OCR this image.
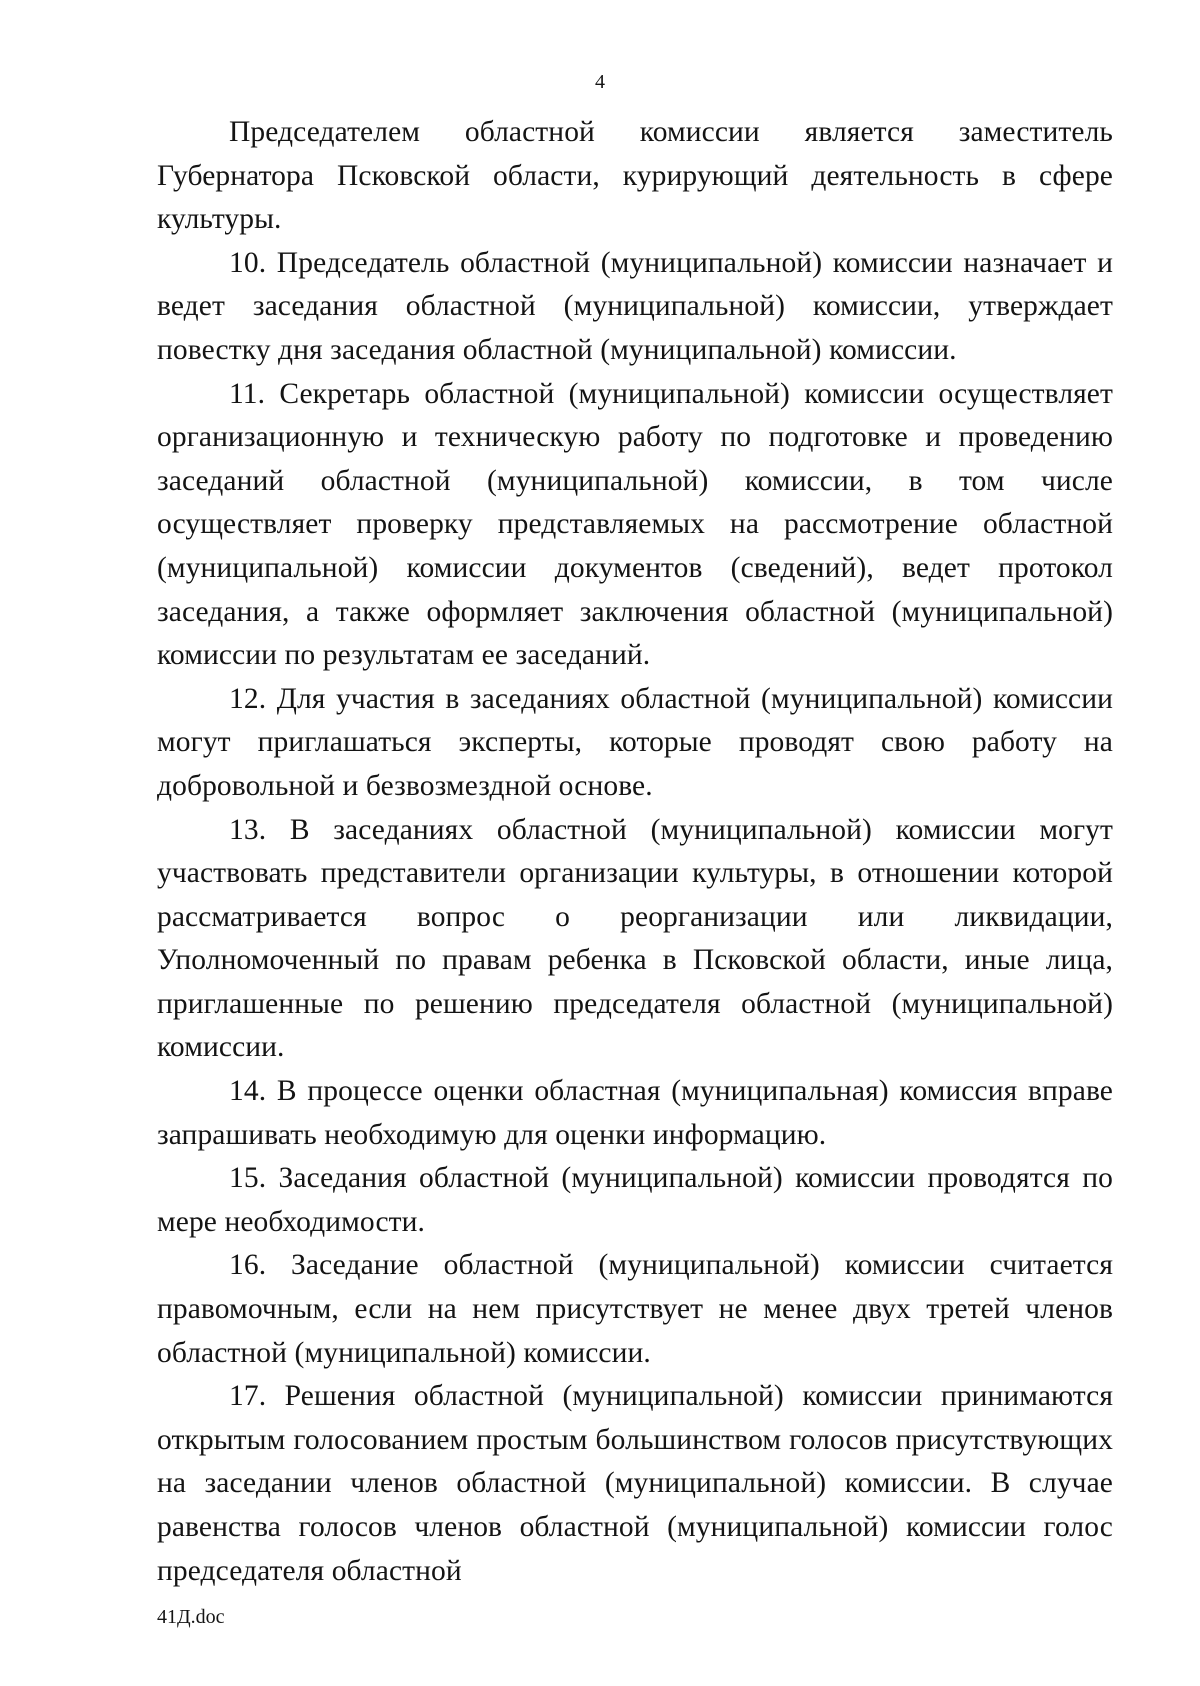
4

Председателем областной комиссии является заместитель Губернатора Псковской области, курирующий деятельность в сфере культуры.

10. Председатель областной (муниципальной) комиссии назначает и ведет заседания областной (муниципальной) комиссии, утверждает повестку дня заседания областной (муниципальной) комиссии.

11. Секретарь областной (муниципальной) комиссии осуществляет организационную и техническую работу по подготовке и проведению заседаний областной (муниципальной) комиссии, в том числе осуществляет проверку представляемых на рассмотрение областной (муниципальной) комиссии документов (сведений), ведет протокол заседания, а также оформляет заключения областной (муниципальной) комиссии по результатам ее заседаний.

12. Для участия в заседаниях областной (муниципальной) комиссии могут приглашаться эксперты, которые проводят свою работу на добровольной и безвозмездной основе.

13. В заседаниях областной (муниципальной) комиссии могут участвовать представители организации культуры, в отношении которой рассматривается вопрос о реорганизации или ликвидации, Уполномоченный по правам ребенка в Псковской области, иные лица, приглашенные по решению председателя областной (муниципальной) комиссии.

14. В процессе оценки областная (муниципальная) комиссия вправе запрашивать необходимую для оценки информацию.

15. Заседания областной (муниципальной) комиссии проводятся по мере необходимости.

16. Заседание областной (муниципальной) комиссии считается правомочным, если на нем присутствует не менее двух третей членов областной (муниципальной) комиссии.

17. Решения областной (муниципальной) комиссии принимаются открытым голосованием простым большинством голосов присутствующих на заседании членов областной (муниципальной) комиссии. В случае равенства голосов членов областной (муниципальной) комиссии голос председателя областной

41Д.doc
